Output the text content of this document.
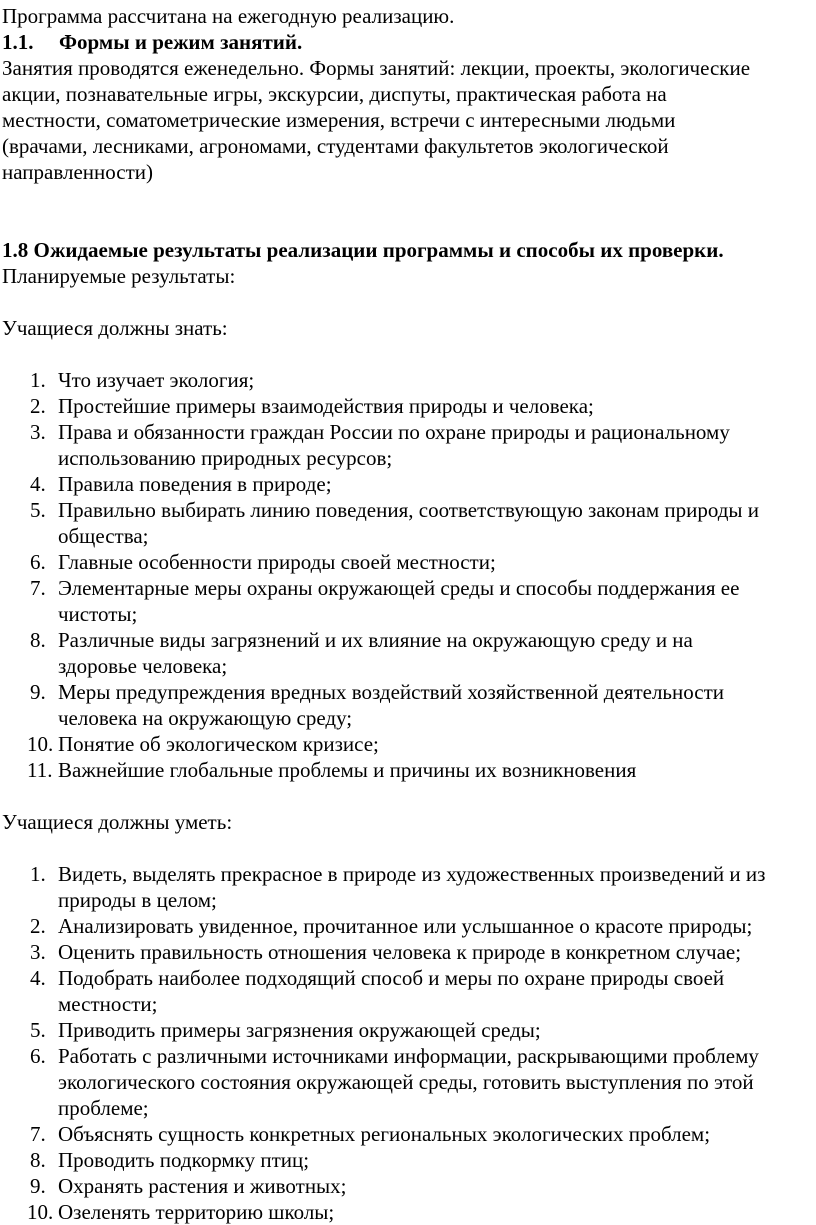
Программа рассчитана на ежегодную реализацию.

1.1.	Формы и режим занятий.

Занятия проводятся еженедельно. Формы занятий: лекции, проекты, экологические

акции, познавательные игры, экскурсии, диспуты, практическая работа на

местности, соматометрические измерения, встречи с интересными людьми

(врачами, лесниками, агрономами, студентами факультетов экологической

направленности)

1.8 Ожидаемые результаты реализации программы и способы их проверки.

Планируемые результаты:

Учащиеся должны знать:

1. Что изучает экология;
2. Простейшие примеры взаимодействия природы и человека;
3. Права и обязанности граждан России по охране природы и рациональному
использованию природных ресурсов;
4. Правила поведения в природе;
5. Правильно выбирать линию поведения, соответствующую законам природы и
общества;
6. Главные особенности природы своей местности;
7. Элементарные меры охраны окружающей среды и способы поддержания ее
чистоты;
8. Различные виды загрязнений и их влияние на окружающую среду и на
здоровье человека;
9. Меры предупреждения вредных воздействий хозяйственной деятельности
человека на окружающую среду;
10. Понятие об экологическом кризисе;
11. Важнейшие глобальные проблемы и причины их возникновения

Учащиеся должны уметь:

1. Видеть, выделять прекрасное в природе из художественных произведений и из
природы в целом;
2. Анализировать увиденное, прочитанное или услышанное о красоте природы;
3. Оценить правильность отношения человека к природе в конкретном случае;
4. Подобрать наиболее подходящий способ и меры по охране природы своей
местности;
5. Приводить примеры загрязнения окружающей среды;
6. Работать с различными источниками информации, раскрывающими проблему
экологического состояния окружающей среды, готовить выступления по этой
проблеме;
7. Объяснять сущность конкретных региональных экологических проблем;
8. Проводить подкормку птиц;
9. Охранять растения и животных;
10. Озеленять территорию школы;
